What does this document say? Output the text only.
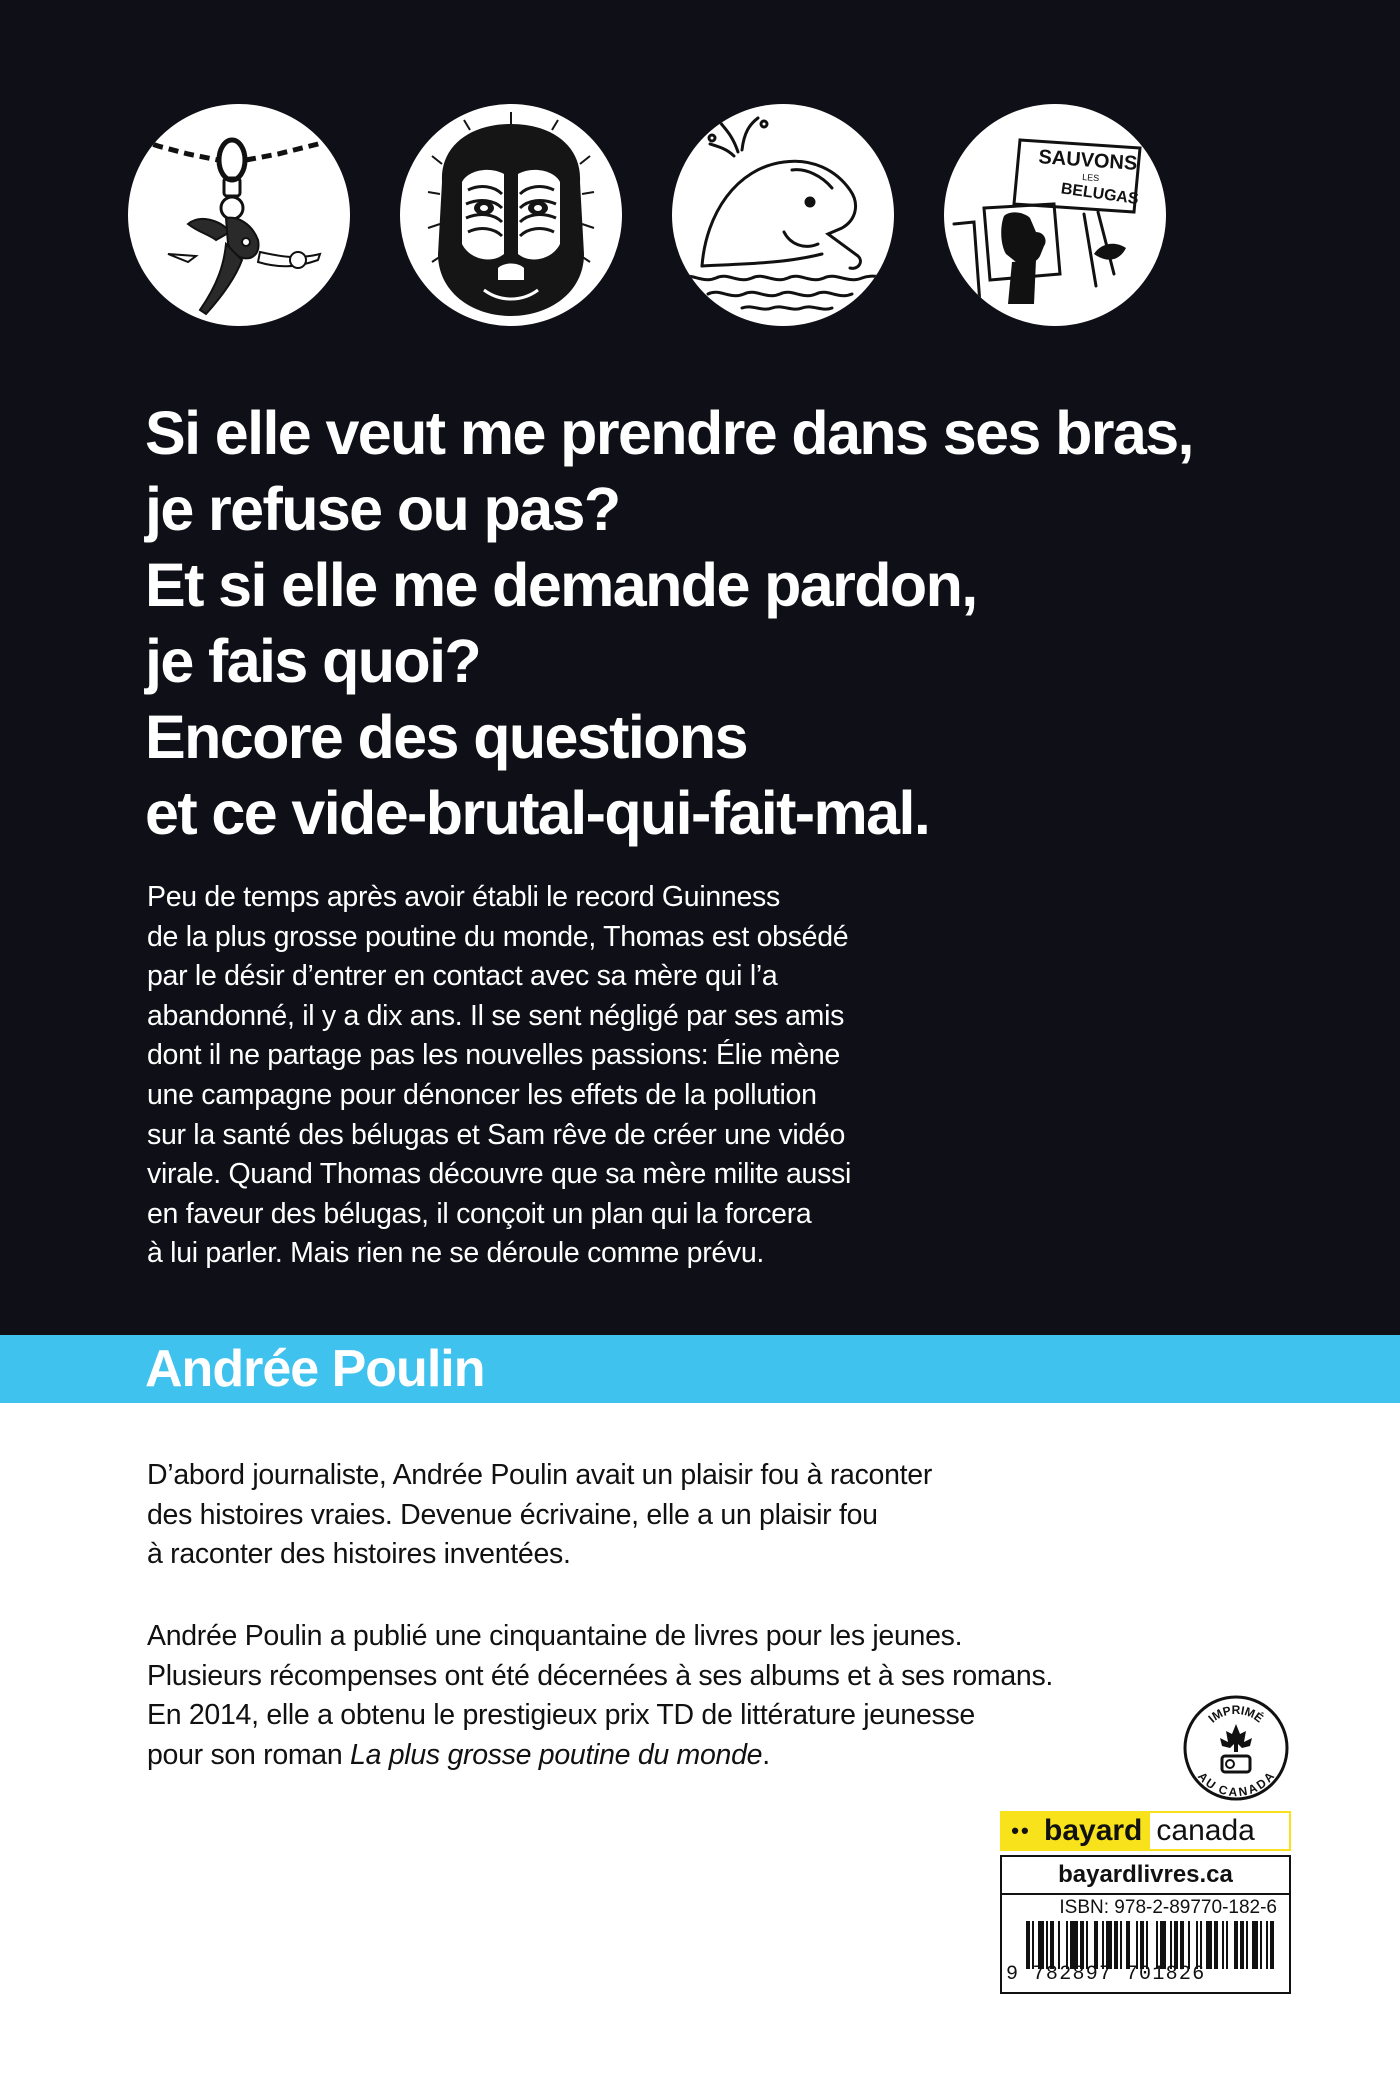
SAUVONS
LES
BELUGAS
Si elle veut me prendre dans ses bras,
je refuse ou pas?
Et si elle me demande pardon,
je fais quoi?
Encore des questions
et ce vide-brutal-qui-fait-mal.
Peu de temps après avoir établi le record Guinness
de la plus grosse poutine du monde, Thomas est obsédé
par le désir d’entrer en contact avec sa mère qui l’a
abandonné, il y a dix ans. Il se sent négligé par ses amis
dont il ne partage pas les nouvelles passions: Élie mène
une campagne pour dénoncer les effets de la pollution
sur la santé des bélugas et Sam rêve de créer une vidéo
virale. Quand Thomas découvre que sa mère milite aussi
en faveur des bélugas, il conçoit un plan qui la forcera
à lui parler. Mais rien ne se déroule comme prévu.
Andrée Poulin
D’abord journaliste, Andrée Poulin avait un plaisir fou à raconter
des histoires vraies. Devenue écrivaine, elle a un plaisir fou
à raconter des histoires inventées.
Andrée Poulin a publié une cinquantaine de livres pour les jeunes.
Plusieurs récompenses ont été décernées à ses albums et à ses romans.
En 2014, elle a obtenu le prestigieux prix TD de littérature jeunesse
pour son roman La plus grosse poutine du monde.
IMPRIMÉ
AU CANADA
•• bayard canada
bayardlivres.ca
ISBN: 978-2-89770-182-6
9 782897 701826
